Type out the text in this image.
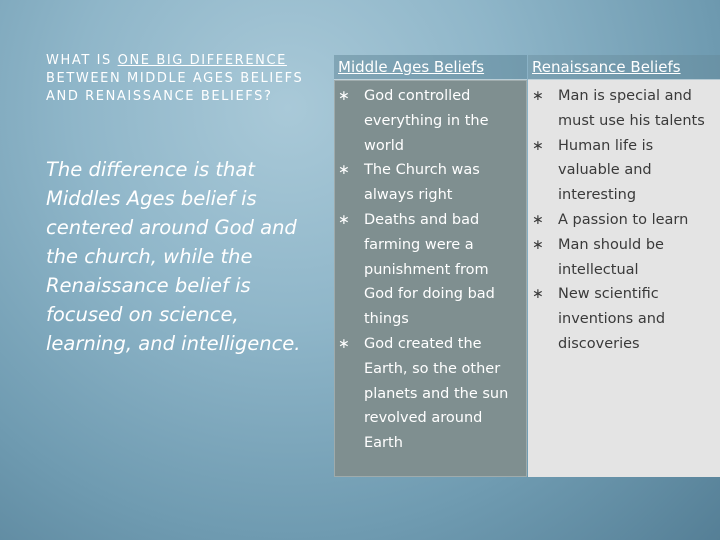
WHAT IS ONE BIG DIFFERENCE BETWEEN MIDDLE AGES BELIEFS AND RENAISSANCE BELIEFS?
The difference is that Middles Ages belief is centered around God and the church, while the Renaissance belief is focused on science, learning, and intelligence.
Middle Ages Beliefs
∗ God controlled everything in the world
∗ The Church was always right
∗ Deaths and bad farming were a punishment from God for doing bad things
∗ God created the Earth, so the other planets and the sun revolved around Earth
Renaissance Beliefs
∗ Man is special and must use his talents
∗ Human life is valuable and interesting
∗ A passion to learn
∗ Man should be intellectual
∗ New scientific inventions and discoveries
